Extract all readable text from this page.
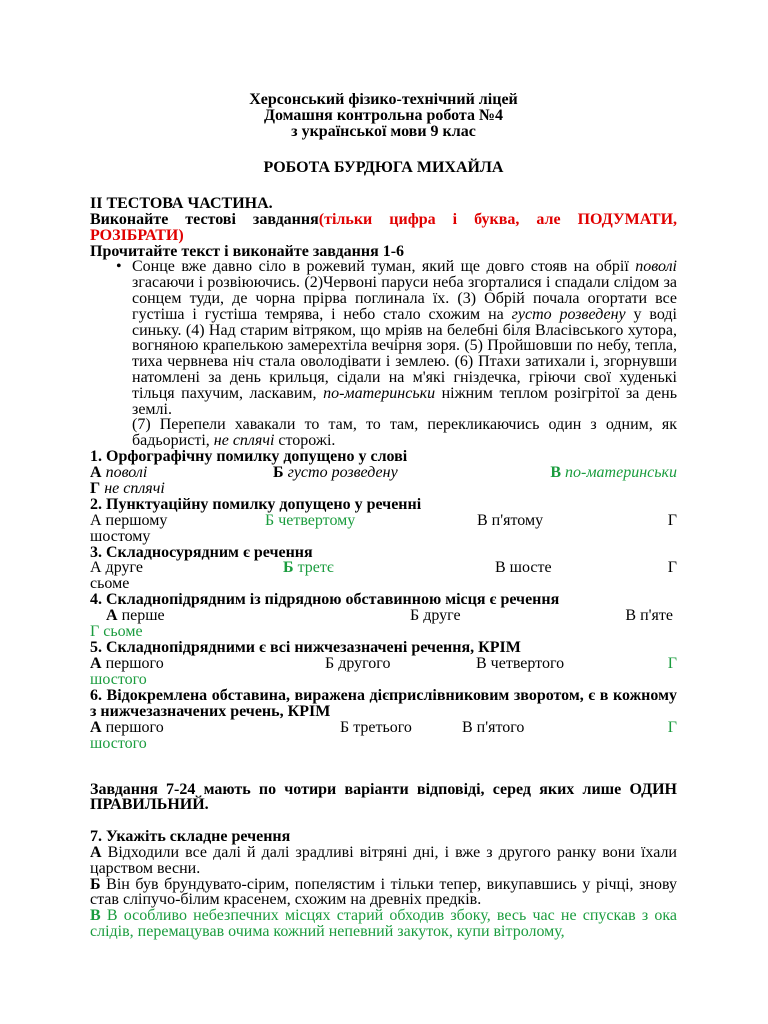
Херсонський фізико-технічний ліцей
Домашня контрольна робота №4
з української мови 9 клас
РОБОТА БУРДЮГА МИХАЙЛА
ІІ ТЕСТОВА ЧАСТИНА.
Виконайте тестові завдання(тільки цифра і буква, але ПОДУМАТИ, РОЗІБРАТИ)
Прочитайте текст і виконайте завдання 1-6
• Сонце вже давно сіло в рожевий туман, який ще довго стояв на обрії поволі згасаючи і розвіюючись. (2)Червоні паруси неба згорталися і спадали слідом за сонцем туди, де чорна прірва поглинала їх. (3) Обрій почала огортати все густіша і густіша темрява, і небо стало схожим на густо розведену у воді синьку. (4) Над старим вітряком, що мріяв на белебні біля Власівського хутора, вогняною крапелькою замерехтіла вечірня зоря. (5) Пройшовши по небу, тепла, тиха червнева ніч стала оволодівати і землею. (6) Птахи затихали і, згорнувши натомлені за день крильця, сідали на м'які гніздечка, гріючи свої худенькі тільця пахучим, ласкавим, по-материнськи ніжним теплом розігрітої за день землі.
(7) Перепели хавакали то там, то там, перекликаючись один з одним, як бадьористі, не сплячі сторожі.
1. Орфографічну помилку допущено у слові
А поволі	Б густо розведену	В по-материнськи
Г не сплячі
2. Пунктуаційну помилку допущено у реченні
А першому	Б четвертому	В п'ятому	Г
шостому
3. Складносурядним є речення
А друге	Б третє	В шосте	Г
сьоме
4. Складнопідрядним із підрядною обставинною місця є речення
А перше	Б друге	В п'яте
Г сьоме
5. Складнопідрядними є всі нижчезазначені речення, КРІМ
А першого	Б другого	В четвертого	Г
шостого
6. Відокремлена обставина, виражена дієприслівниковим зворотом, є в кожному з нижчезазначених речень, КРІМ
А першого	Б третього	В п'ятого	Г
шостого
Завдання 7-24 мають по чотири варіанти відповіді, серед яких лише ОДИН ПРАВИЛЬНИЙ.
7. Укажіть складне речення
А Відходили все далі й далі зрадливі вітряні дні, і вже з другого ранку вони їхали царством весни.
Б Він був брундувато-сірим, попелястим і тільки тепер, викупавшись у річці, знову став сліпучо-білим красенем, схожим на древніх предків.
В В особливо небезпечних місцях старий обходив збоку, весь час не спускав з ока слідів, перемацував очима кожний непевний закуток, купи вітролому,
